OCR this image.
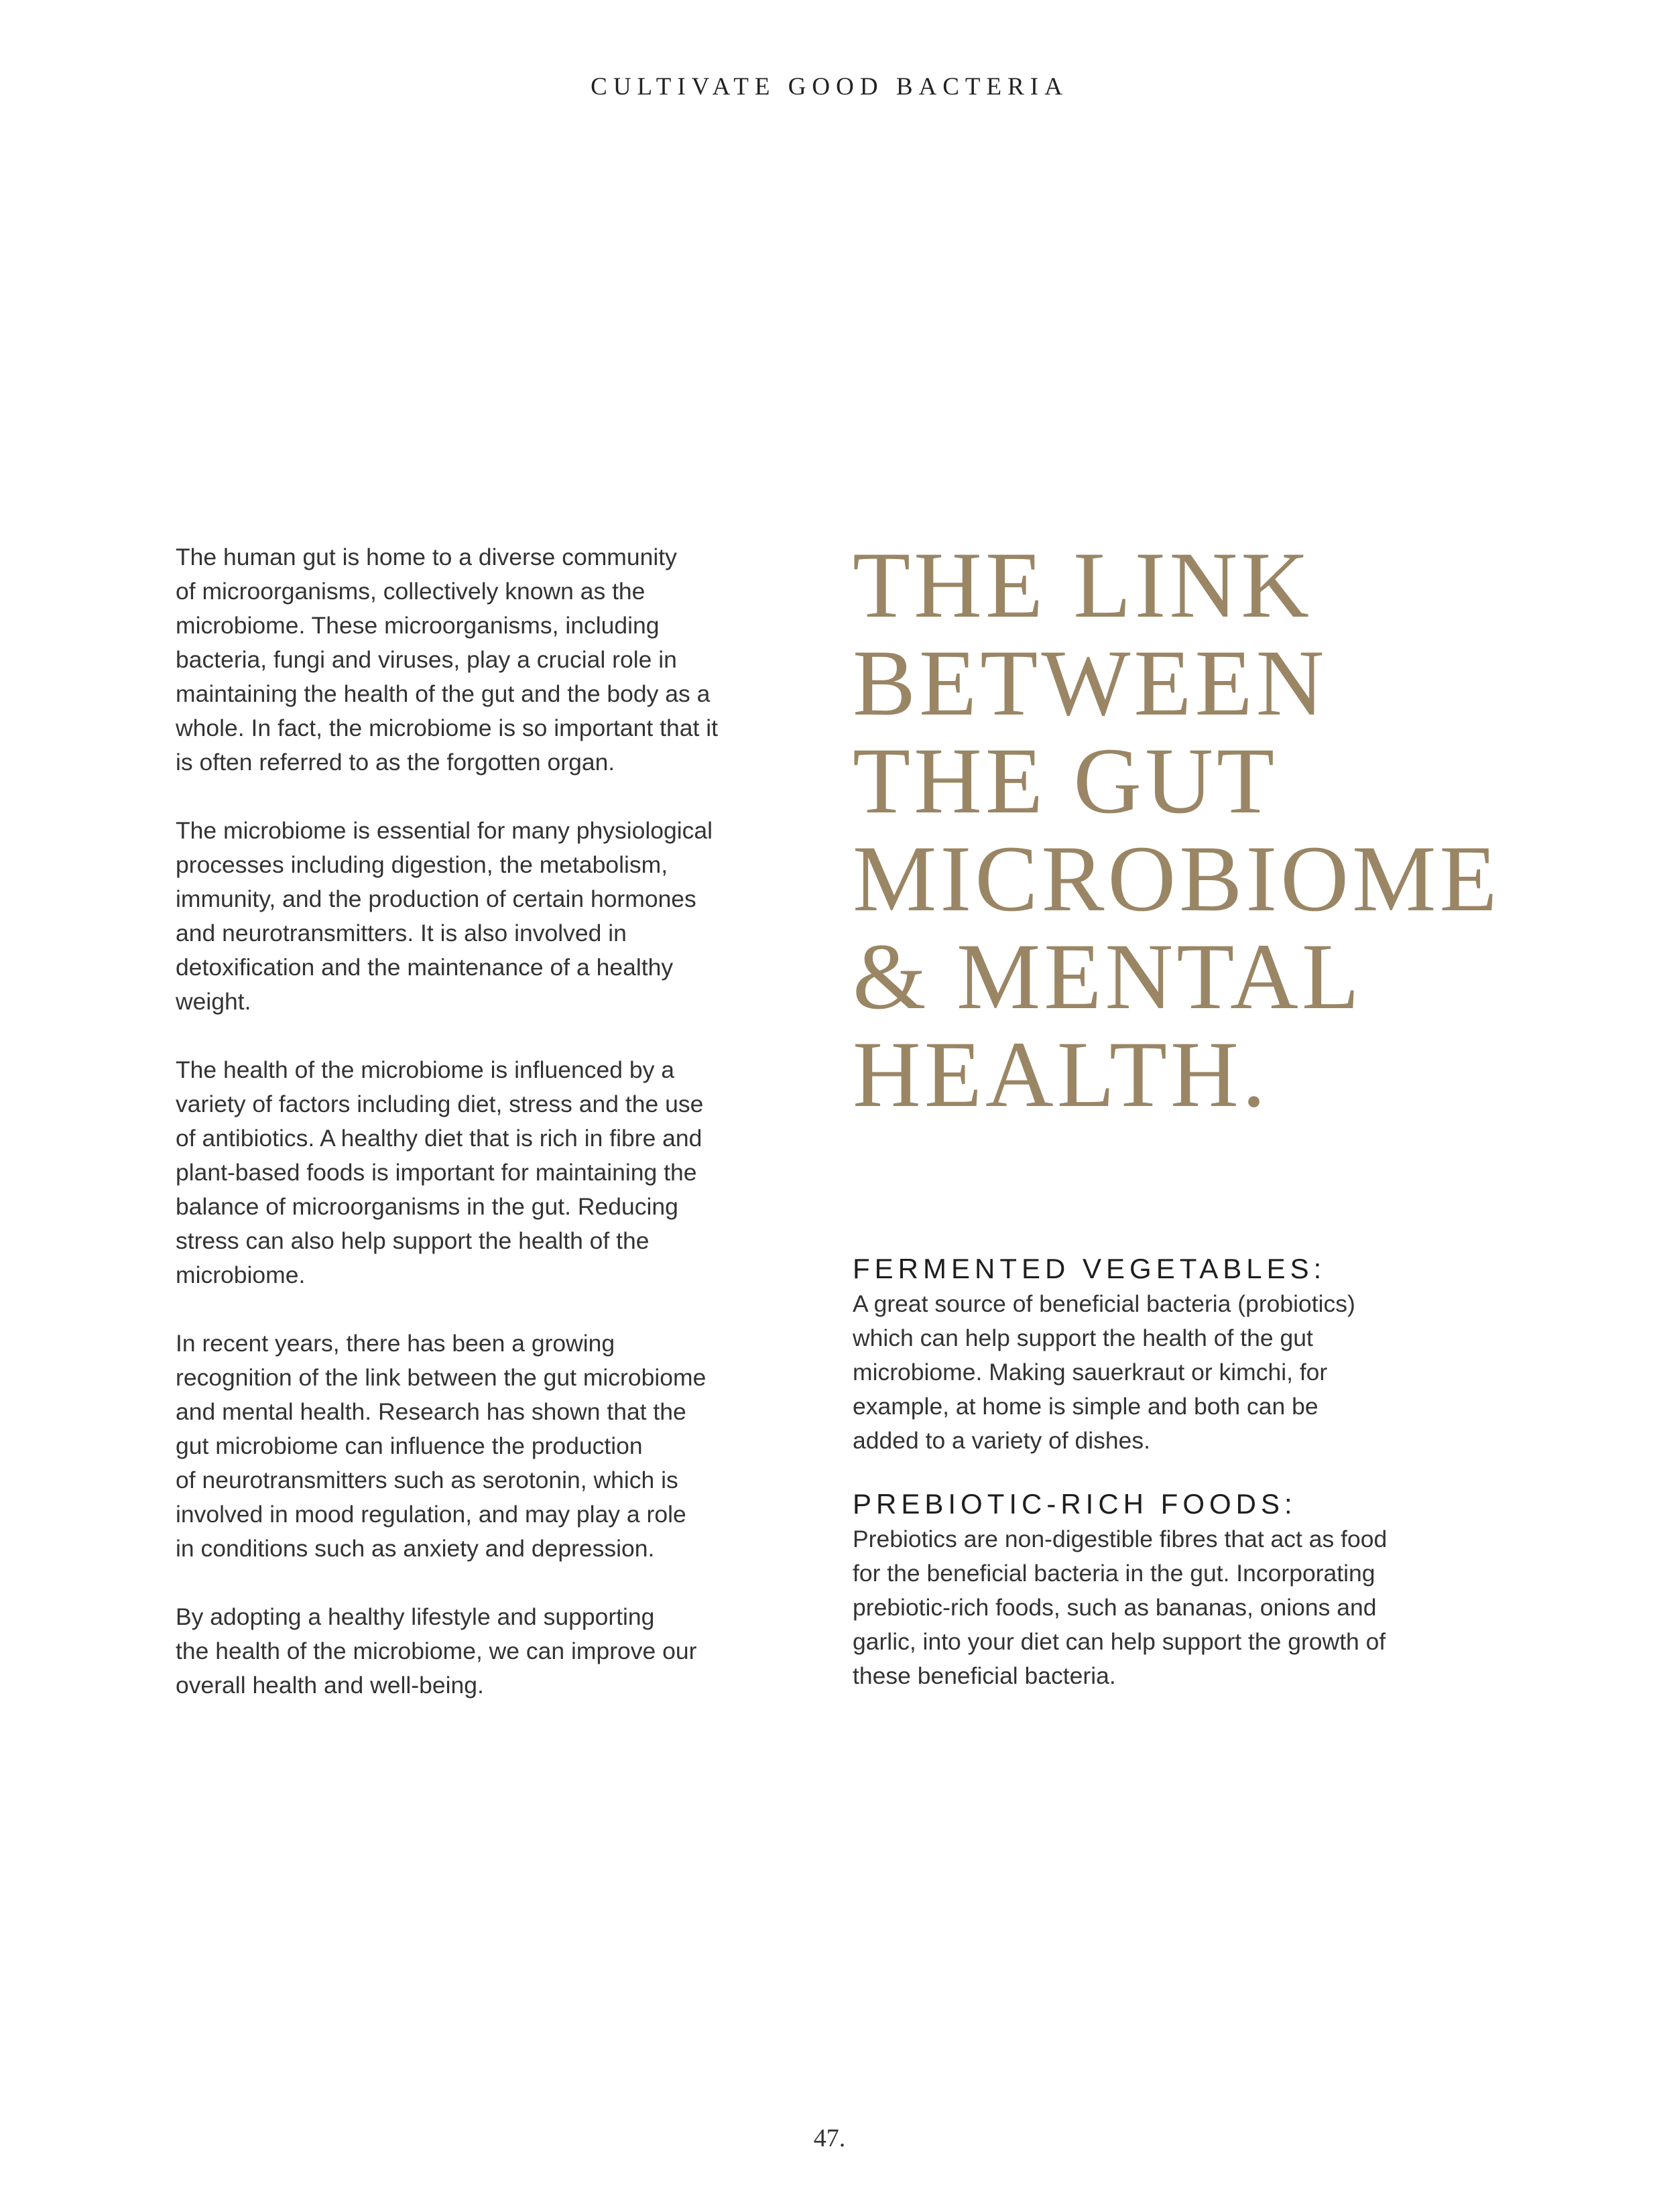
CULTIVATE GOOD BACTERIA

The human gut is home to a diverse community
of microorganisms, collectively known as the
microbiome. These microorganisms, including
bacteria, fungi and viruses, play a crucial role in
maintaining the health of the gut and the body as a
whole. In fact, the microbiome is so important that it
is often referred to as the forgotten organ.

The microbiome is essential for many physiological
processes including digestion, the metabolism,
immunity, and the production of certain hormones
and neurotransmitters. It is also involved in
detoxification and the maintenance of a healthy
weight.

The health of the microbiome is influenced by a
variety of factors including diet, stress and the use
of antibiotics. A healthy diet that is rich in fibre and
plant-based foods is important for maintaining the
balance of microorganisms in the gut. Reducing
stress can also help support the health of the
microbiome.

In recent years, there has been a growing
recognition of the link between the gut microbiome
and mental health. Research has shown that the
gut microbiome can influence the production
of neurotransmitters such as serotonin, which is
involved in mood regulation, and may play a role
in conditions such as anxiety and depression.

By adopting a healthy lifestyle and supporting
the health of the microbiome, we can improve our
overall health and well-being.

THE LINK
BETWEEN
THE GUT
MICROBIOME
& MENTAL
HEALTH.
FERMENTED VEGETABLES:

A great source of beneficial bacteria (probiotics)
which can help support the health of the gut
microbiome. Making sauerkraut or kimchi, for
example, at home is simple and both can be
added to a variety of dishes.

PREBIOTIC-RICH FOODS:

Prebiotics are non-digestible fibres that act as food
for the beneficial bacteria in the gut. Incorporating
prebiotic-rich foods, such as bananas, onions and
garlic, into your diet can help support the growth of
these beneficial bacteria.

47.
